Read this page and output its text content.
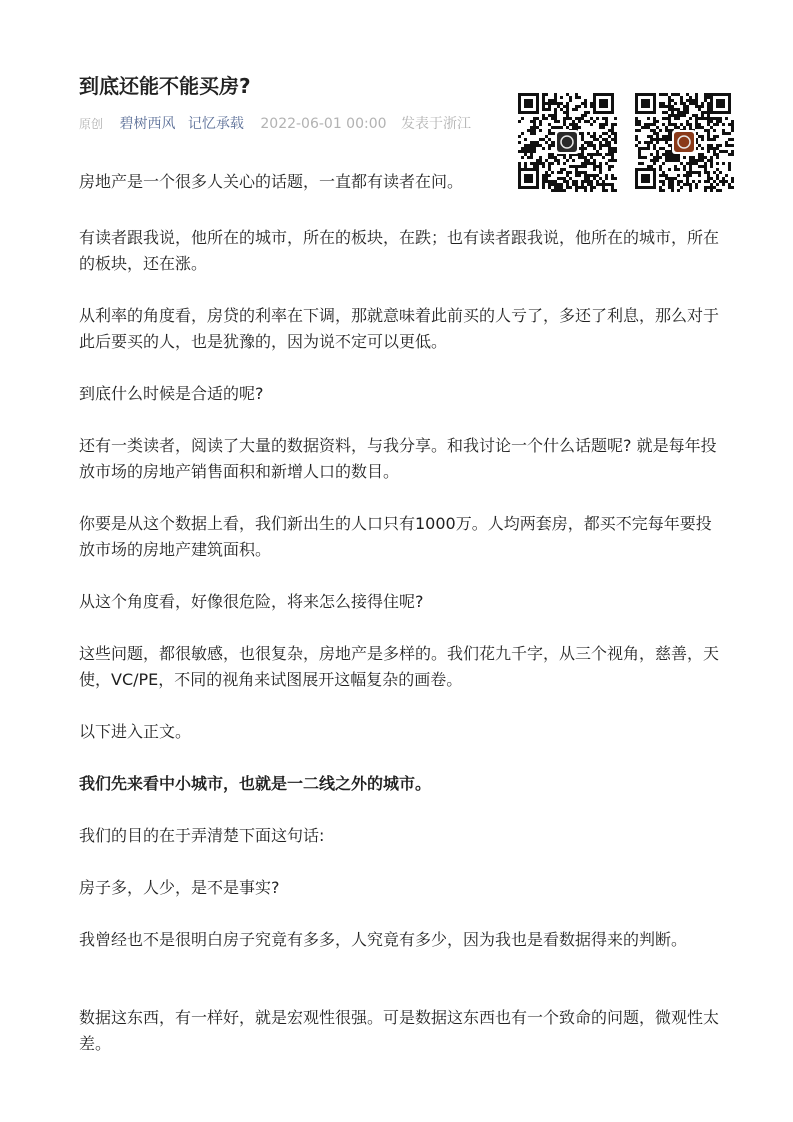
到底还能不能买房?
原创 碧树西风 记忆承载 2022-06-01 00:00 发表于浙江

房地产是一个很多人关心的话题，一直都有读者在问。

有读者跟我说，他所在的城市，所在的板块，在跌；也有读者跟我说，他所在的城市，所在的板块，还在涨。

从利率的角度看，房贷的利率在下调，那就意味着此前买的人亏了，多还了利息，那么对于此后要买的人，也是犹豫的，因为说不定可以更低。

到底什么时候是合适的呢?

还有一类读者，阅读了大量的数据资料，与我分享。和我讨论一个什么话题呢? 就是每年投放市场的房地产销售面积和新增人口的数目。

你要是从这个数据上看，我们新出生的人口只有1000万。人均两套房，都买不完每年要投放市场的房地产建筑面积。

从这个角度看，好像很危险，将来怎么接得住呢?

这些问题，都很敏感，也很复杂，房地产是多样的。我们花九千字，从三个视角，慈善，天使，VC/PE，不同的视角来试图展开这幅复杂的画卷。

以下进入正文。

我们先来看中小城市，也就是一二线之外的城市。

我们的目的在于弄清楚下面这句话:

房子多，人少，是不是事实?

我曾经也不是很明白房子究竟有多多，人究竟有多少，因为我也是看数据得来的判断。

数据这东西，有一样好，就是宏观性很强。可是数据这东西也有一个致命的问题，微观性太差。
